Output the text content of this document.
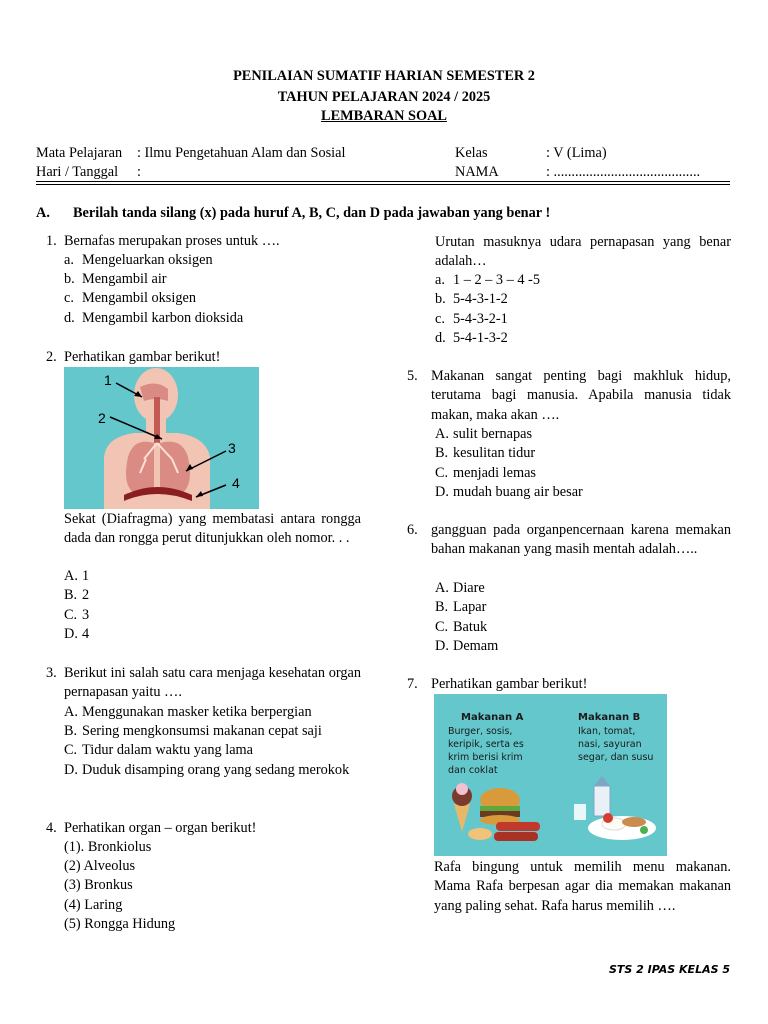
PENILAIAN SUMATIF HARIAN SEMESTER 2
TAHUN PELAJARAN 2024 / 2025
LEMBARAN SOAL
Mata Pelajaran : Ilmu Pengetahuan Alam dan Sosial
Hari / Tanggal :
Kelas	: V (Lima)
NAMA	: .........................................
A. Berilah tanda silang (x) pada huruf A, B, C, dan D pada jawaban yang benar !
1. Bernafas merupakan proses untuk ….
a. Mengeluarkan oksigen
b. Mengambil air
c. Mengambil oksigen
d. Mengambil karbon dioksida
2. Perhatikan gambar berikut!
1
2
3
4
Sekat (Diafragma) yang membatasi antara rongga dada dan rongga perut ditunjukkan oleh nomor. . .
A. 1
B. 2
C. 3
D. 4
3. Berikut ini salah satu cara menjaga kesehatan organ pernapasan yaitu ….
A. Menggunakan masker ketika berpergian
B. Sering mengkonsumsi makanan cepat saji
C. Tidur dalam waktu yang lama
D. Duduk disamping orang yang sedang merokok
4. Perhatikan organ – organ berikut!
(1). Bronkiolus
(2) Alveolus
(3) Bronkus
(4) Laring
(5) Rongga Hidung
Urutan masuknya udara pernapasan yang benar adalah…
a. 1 – 2 – 3 – 4 -5
b. 5-4-3-1-2
c. 5-4-3-2-1
d. 5-4-1-3-2
5. Makanan sangat penting bagi makhluk hidup, terutama bagi manusia. Apabila manusia tidak makan, maka akan ….
A. sulit bernapas
B. kesulitan tidur
C. menjadi lemas
D. mudah buang air besar
6. gangguan pada organpencernaan karena memakan bahan makanan yang masih mentah adalah…..
A. Diare
B. Lapar
C. Batuk
D. Demam
7. Perhatikan gambar berikut!
Makanan A
Burger, sosis,
keripik, serta es
krim berisi krim
dan coklat
Makanan B
Ikan, tomat,
nasi, sayuran
segar, dan susu
Rafa bingung untuk memilih menu makanan. Mama Rafa berpesan agar dia memakan makanan yang paling sehat. Rafa harus memilih ….
STS 2 IPAS KELAS 5
